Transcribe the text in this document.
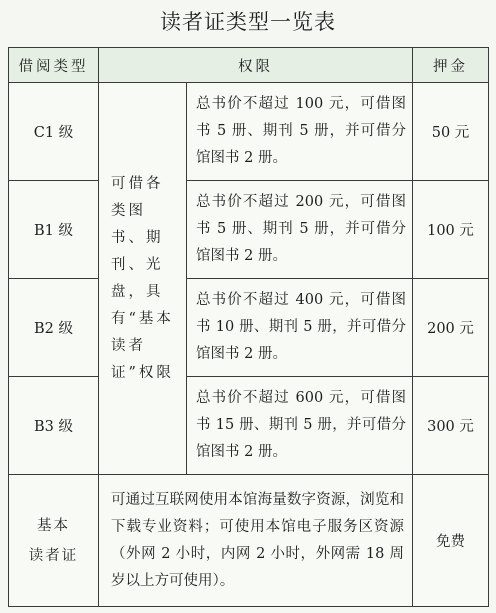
读者证类型一览表
借阅类型	权限		押金
C1 级	可借各类图书、期刊、光盘，具有“基本读者证”权限	总书价不超过 100 元，可借图书 5 册、期刊 5 册，并可借分馆图书 2 册。	50 元
B1 级		总书价不超过 200 元，可借图书 5 册、期刊 5 册，并可借分馆图书 2 册。	100 元
B2 级		总书价不超过 400 元，可借图书 10 册、期刊 5 册，并可借分馆图书 2 册。	200 元
B3 级		总书价不超过 600 元，可借图书 15 册、期刊 5 册，并可借分馆图书 2 册。	300 元

基本
读者证	可通过互联网使用本馆海量数字资源，浏览和下载专业资料；可使用本馆电子服务区资源（外网 2 小时，内网 2 小时，外网需 18 周岁以上方可使用）。		免费
